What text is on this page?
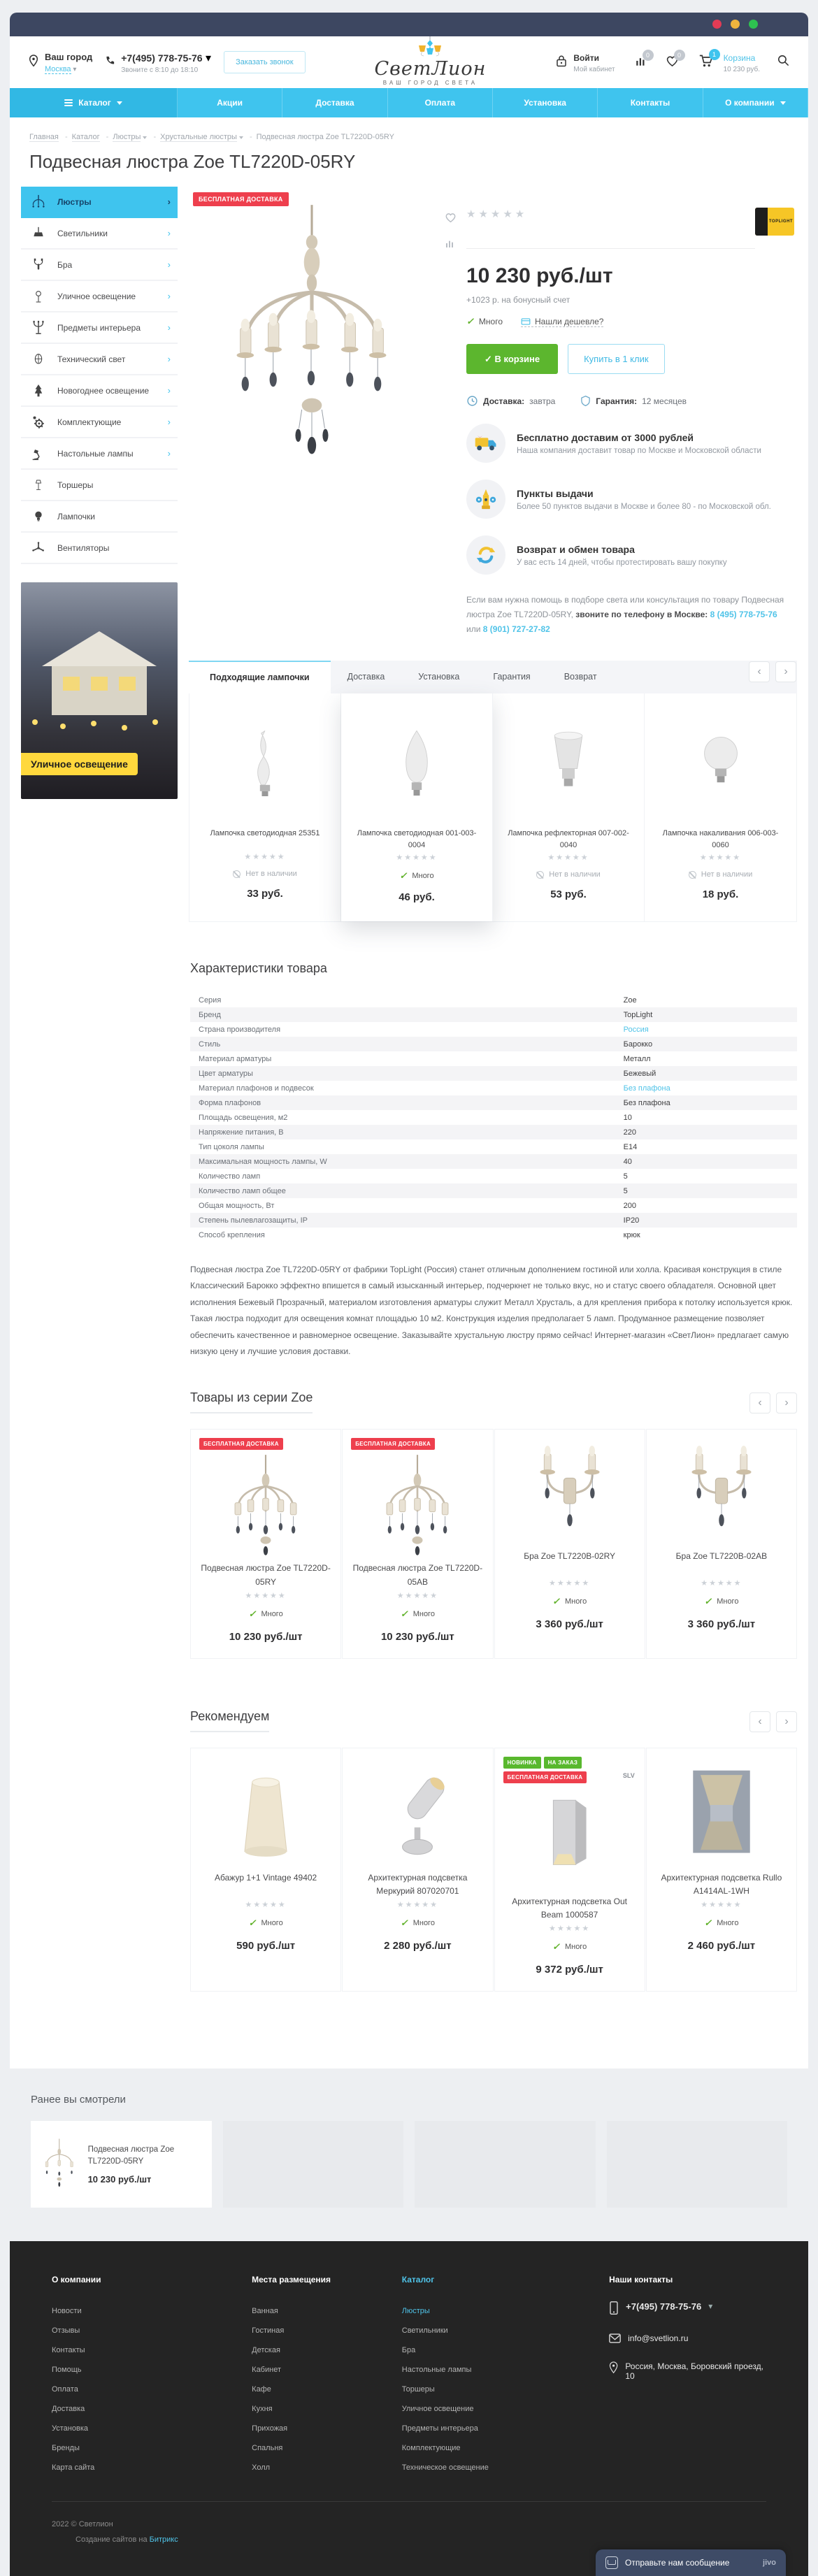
Ваш город
Москва ▾
+7(495) 778-75-76 ▾
Звоните с 8:10 до 18:10
Заказать звонок	СветЛион
ВАШ ГОРОД СВЕТА
Войти
Мой кабинет
0	0	1 Корзина
10 230 руб.
Каталог	Акции	Доставка	Оплата	Установка	Контакты	О компании
Главная - Каталог - Люстры	- Хрустальные люстры	- Подвесная люстра Zoe TL7220D-05RY
Подвесная люстра Zoe TL7220D-05RY
Люстры	›
Светильники	›
Бра	›
Уличное освещение	›
Предметы интерьера	›
Технический свет	›
Новогоднее освещение	›
Комплектующие	›
Настольные лампы	›
Торшеры
Лампочки
Вентиляторы
Уличное освещение
БЕСПЛАТНАЯ ДОСТАВКА
TOPLIGHT
10 230 руб./шт
+1023 р. на бонусный счет
✓
Много	Нашли дешевле?
✓ В корзине	Купить в 1 клик
Доставка: завтра	Гарантия: 12 месяцев
Бесплатно доставим от 3000 рублей

Наша компания доставит товар по Москве и Московской области

Пункты выдачи

Более 50 пунктов выдачи в Москве и более 80 - по Московской обл.

Возврат и обмен товара

У вас есть 14 дней, чтобы протестировать вашу покупку

Если вам нужна помощь в подборе света или консультация по товару Подвесная люстра Zoe TL7220D-05RY, звоните по телефону в Москве: 8 (495) 778-75-76 или 8 (901) 727-27-82

Подходящие лампочки	Доставка	Установка	Гарантия	Возврат	‹	›
Лампочка светодиодная 25351
Нет в наличии
33 руб.
Лампочка светодиодная 001-003-0004
✓
Много
46 руб.
Лампочка рефлекторная 007-002-0040
Нет в наличии
53 руб.
Лампочка накаливания 006-003-0060
Нет в наличии
18 руб.
Характеристики товара
Серия	Zoe
Бренд	TopLight
Страна производителя	Россия
Стиль	Барокко
Материал арматуры	Металл
Цвет арматуры	Бежевый
Материал плафонов и подвесок	Без плафона
Форма плафонов	Без плафона
Площадь освещения, м2	10
Напряжение питания, В	220
Тип цоколя лампы	E14
Максимальная мощность лампы, W	40
Количество ламп	5
Количество ламп общее	5
Общая мощность, Вт	200
Степень пылевлагозащиты, IP	IP20
Способ крепления	крюк

Подвесная люстра Zoe TL7220D-05RY от фабрики TopLight (Россия) станет отличным дополнением гостиной или холла. Красивая конструкция в стиле Классический Барокко эффектно впишется в самый изысканный интерьер, подчеркнет не только вкус, но и статус своего обладателя. Основной цвет исполнения Бежевый Прозрачный, материалом изготовления арматуры служит Металл Хрусталь, а для крепления прибора к потолку используется крюк. Такая люстра подходит для освещения комнат площадью 10 м2. Конструкция изделия предполагает 5 ламп. Продуманное размещение позволяет обеспечить качественное и равномерное освещение. Заказывайте хрустальную люстру прямо сейчас! Интернет-магазин «СветЛион» предлагает самую низкую цену и лучшие условия доставки.

Товары из серии Zoe	‹	›
БЕСПЛАТНАЯ ДОСТАВКА
Подвесная люстра Zoe TL7220D-05RY
✓
Много
10 230 руб./шт
БЕСПЛАТНАЯ ДОСТАВКА
Подвесная люстра Zoe TL7220D-05AB
✓
Много
10 230 руб./шт
Бра Zoe TL7220B-02RY
✓
Много
3 360 руб./шт
Бра Zoe TL7220B-02AB
✓
Много
3 360 руб./шт
Рекомендуем	‹	›
Абажур 1+1 Vintage 49402
✓
Много
590 руб./шт
Архитектурная подсветка Меркурий 807020701
✓
Много
2 280 руб./шт
НОВИНКА	НА ЗАКАЗ
БЕСПЛАТНАЯ ДОСТАВКА	SLV
Архитектурная подсветка Out Beam 1000587
✓
Много
9 372 руб./шт
Архитектурная подсветка Rullo A1414AL-1WH
✓
Много
2 460 руб./шт
Ранее вы смотрели
Подвесная люстра Zoe TL7220D-05RY
10 230 руб./шт
О компании
Новости
Отзывы
Контакты
Помощь
Оплата
Доставка
Установка
Бренды
Карта сайта
Места размещения
Ванная
Гостиная
Детская
Кабинет
Кафе
Кухня
Прихожая
Спальня
Холл
Каталог
Люстры
Светильники
Бра
Настольные лампы
Торшеры
Уличное освещение
Предметы интерьера
Комплектующие
Техническое освещение
Наши контакты
+7(495) 778-75-76 ▾
info@svetlion.ru
Россия, Москва, Боровский проезд, 10
2022 © Светлион
Создание сайтов на Битрикс
Отправьте нам сообщение	jivo
